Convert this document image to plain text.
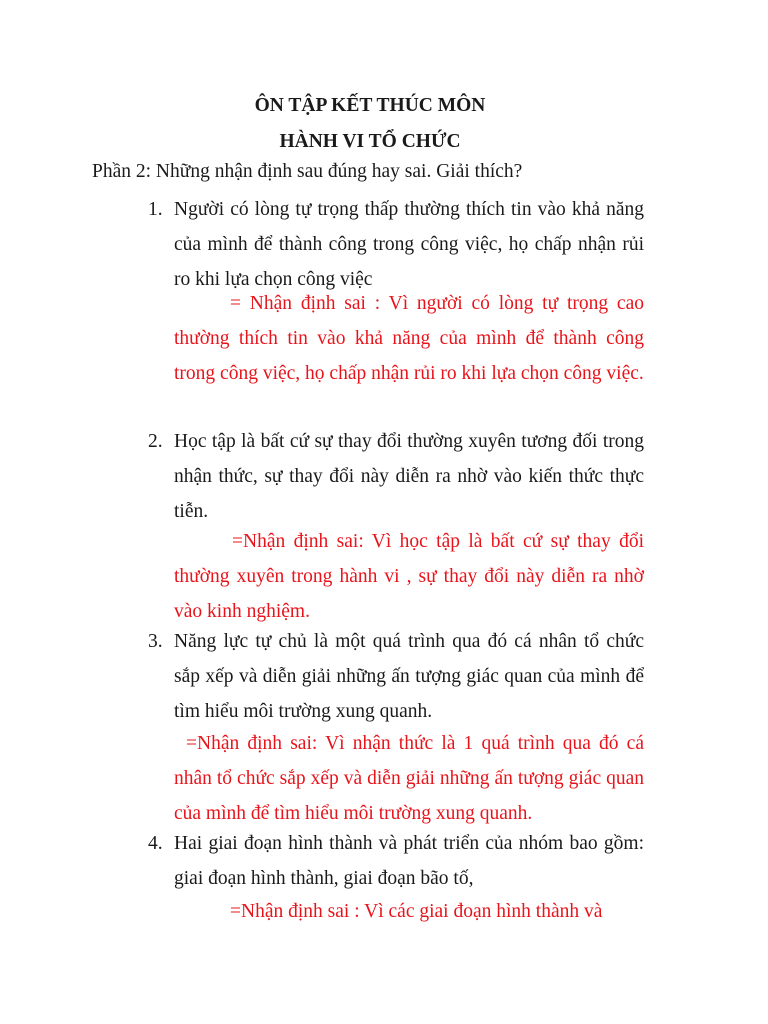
ÔN TẬP KẾT THÚC MÔN
HÀNH VI TỔ CHỨC
Phần 2: Những nhận định sau đúng hay sai. Giải thích?
1. Người có lòng tự trọng thấp thường thích tin vào khả năng của mình để thành công trong công việc, họ chấp nhận rủi ro khi lựa chọn công việc
= Nhận định sai : Vì người có lòng tự trọng cao thường thích tin vào khả năng của mình để thành công trong công việc, họ chấp nhận rủi ro khi lựa chọn công việc.
2. Học tập là bất cứ sự thay đổi thường xuyên tương đối trong nhận thức, sự thay đổi này diễn ra nhờ vào kiến thức thực tiễn.
=Nhận định sai: Vì học tập là bất cứ sự thay đổi thường xuyên trong hành vi , sự thay đổi này diễn ra nhờ vào kinh nghiệm.
3. Năng lực tự chủ là một quá trình qua đó cá nhân tổ chức sắp xếp và diễn giải những ấn tượng giác quan của mình để tìm hiểu môi trường xung quanh.
=Nhận định sai: Vì nhận thức là 1 quá trình qua đó cá nhân tổ chức sắp xếp và diễn giải những ấn tượng giác quan của mình để tìm hiểu môi trường xung quanh.
4. Hai giai đoạn hình thành và phát triển của nhóm bao gồm: giai đoạn hình thành, giai đoạn bão tố,
=Nhận định sai : Vì các giai đoạn hình thành và
